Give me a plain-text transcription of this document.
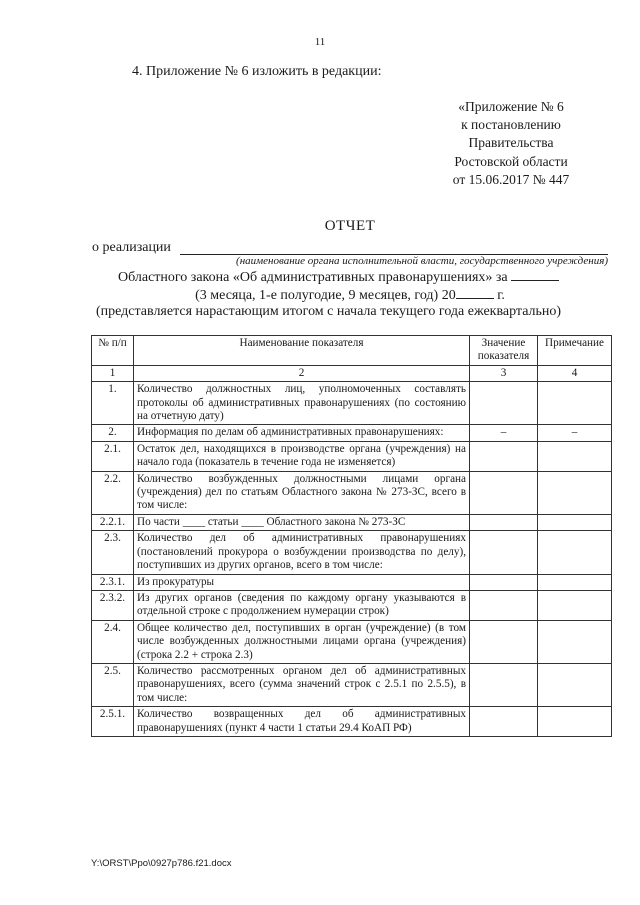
11
4. Приложение № 6 изложить в редакции:
«Приложение № 6
к постановлению
Правительства
Ростовской области
от 15.06.2017 № 447
ОТЧЕТ
о реализации
(наименование органа исполнительной власти, государственного учреждения)
Областного закона «Об административных правонарушениях» за
(3 месяца, 1-е полугодие, 9 месяцев, год) 20	г.
(представляется нарастающим итогом с начала текущего года ежеквартально)
№ п/п	Наименование показателя	Значение показателя	Примечание
1	2	3	4
1.	Количество должностных лиц, уполномоченных составлять протоколы об административных правонарушениях (по состоянию на отчетную дату)		
2.	Информация по делам об административных правонарушениях:	–	–
2.1.	Остаток дел, находящихся в производстве органа (учреждения) на начало года (показатель в течение года не изменяется)		
2.2.	Количество возбужденных должностными лицами органа (учреждения) дел по статьям Областного закона № 273-ЗС, всего в том числе:		
2.2.1.	По части ____ статьи ____ Областного закона № 273-ЗС		
2.3.	Количество дел об административных правонарушениях (постановлений прокурора о возбуждении производства по делу), поступивших из других органов, всего в том числе:		
2.3.1.	Из прокуратуры		
2.3.2.	Из других органов (сведения по каждому органу указываются в отдельной строке с продолжением нумерации строк)		
2.4.	Общее количество дел, поступивших в орган (учреждение) (в том числе возбужденных должностными лицами органа (учреждения) (строка 2.2 + строка 2.3)		
2.5.	Количество рассмотренных органом дел об административных правонарушениях, всего (сумма значений строк с 2.5.1 по 2.5.5), в том числе:		
2.5.1.	Количество возвращенных дел об административных правонарушениях (пункт 4 части 1 статьи 29.4 КоАП РФ)		
Y:\ORST\Ppo\0927p786.f21.docx
